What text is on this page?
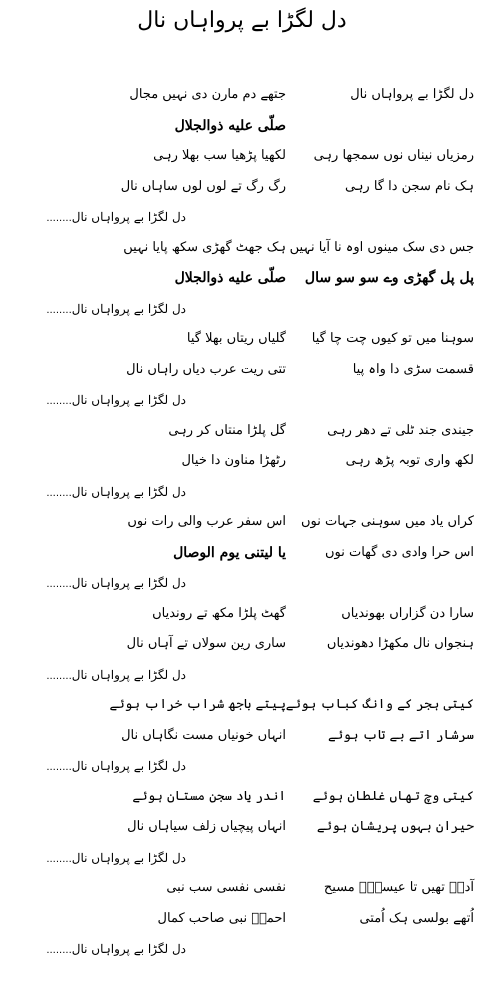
دل لگڑا بے پرواہاں نال
دل لگڑا بے پرواہاں نال
جتھے دم مارن دی نہیں مجال
صلّی علیه ذوالجلال
رمزیاں نیناں نوں سمجھا رہی
لکھیا پڑھیا سب بھلا رہی
ہک نام سجن دا گا رہی
رگ رگ تے لوں لوں ساہاں نال
دل لگڑا بے پرواہاں نال........
جس دی سک مینوں اوہ نا آیا نہیں
ہک جھٹ گھڑی سکھ پایا نہیں
پل پل گھڑی وے سو سو سال
صلّی علیه ذوالجلال
دل لگڑا بے پرواہاں نال........
سوہنا میں تو کیوں چت چا گیا
گلیاں ریتاں بھلا گیا
قسمت سڑی دا واہ پیا
تتی ریت عرب دیاں راہاں نال
دل لگڑا بے پرواہاں نال........
جیندی جند ٹلی تے دھر رہی
گل پلڑا منتاں کر رہی
لکھ واری توبہ پڑھ رہی
رٹھڑا مناون دا خیال
دل لگڑا بے پرواہاں نال........
کراں یاد میں سوہنی جہات نوں
اس سفر عرب والی رات نوں
اس حرا وادی دی گھات نوں
یا لیتنی یوم الوصال
دل لگڑا بے پرواہاں نال........
سارا دن گزاراں بھوندیاں
گھٹ پلڑا مکھ تے روندیاں
ہنجواں نال مکھڑا دھوندیاں
ساری رین سولاں تے آہاں نال
دل لگڑا بے پرواہاں نال........
کیتی ہجر کے وانگ کباب ہوئے
پیتے باجھ شراب خراب ہوئے
سرشار اتے بے تاب ہوئے
انہاں خونیاں مست نگاہاں نال
دل لگڑا بے پرواہاں نال........
کیتی وچ تھاں غلطان ہوئے
اندر یاد سجن مستان ہوئے
حیران بہوں پریشان ہوئے
انہاں پیچیاں زلف سیاہاں نال
دل لگڑا بے پرواہاں نال........
آدمؑ تھیں تا عیسیٰؑ مسیح
نفسی نفسی سب نبی
اُتھے بولسی ہک اُمتی
احمدؐ نبی صاحب کمال
دل لگڑا بے پرواہاں نال........
